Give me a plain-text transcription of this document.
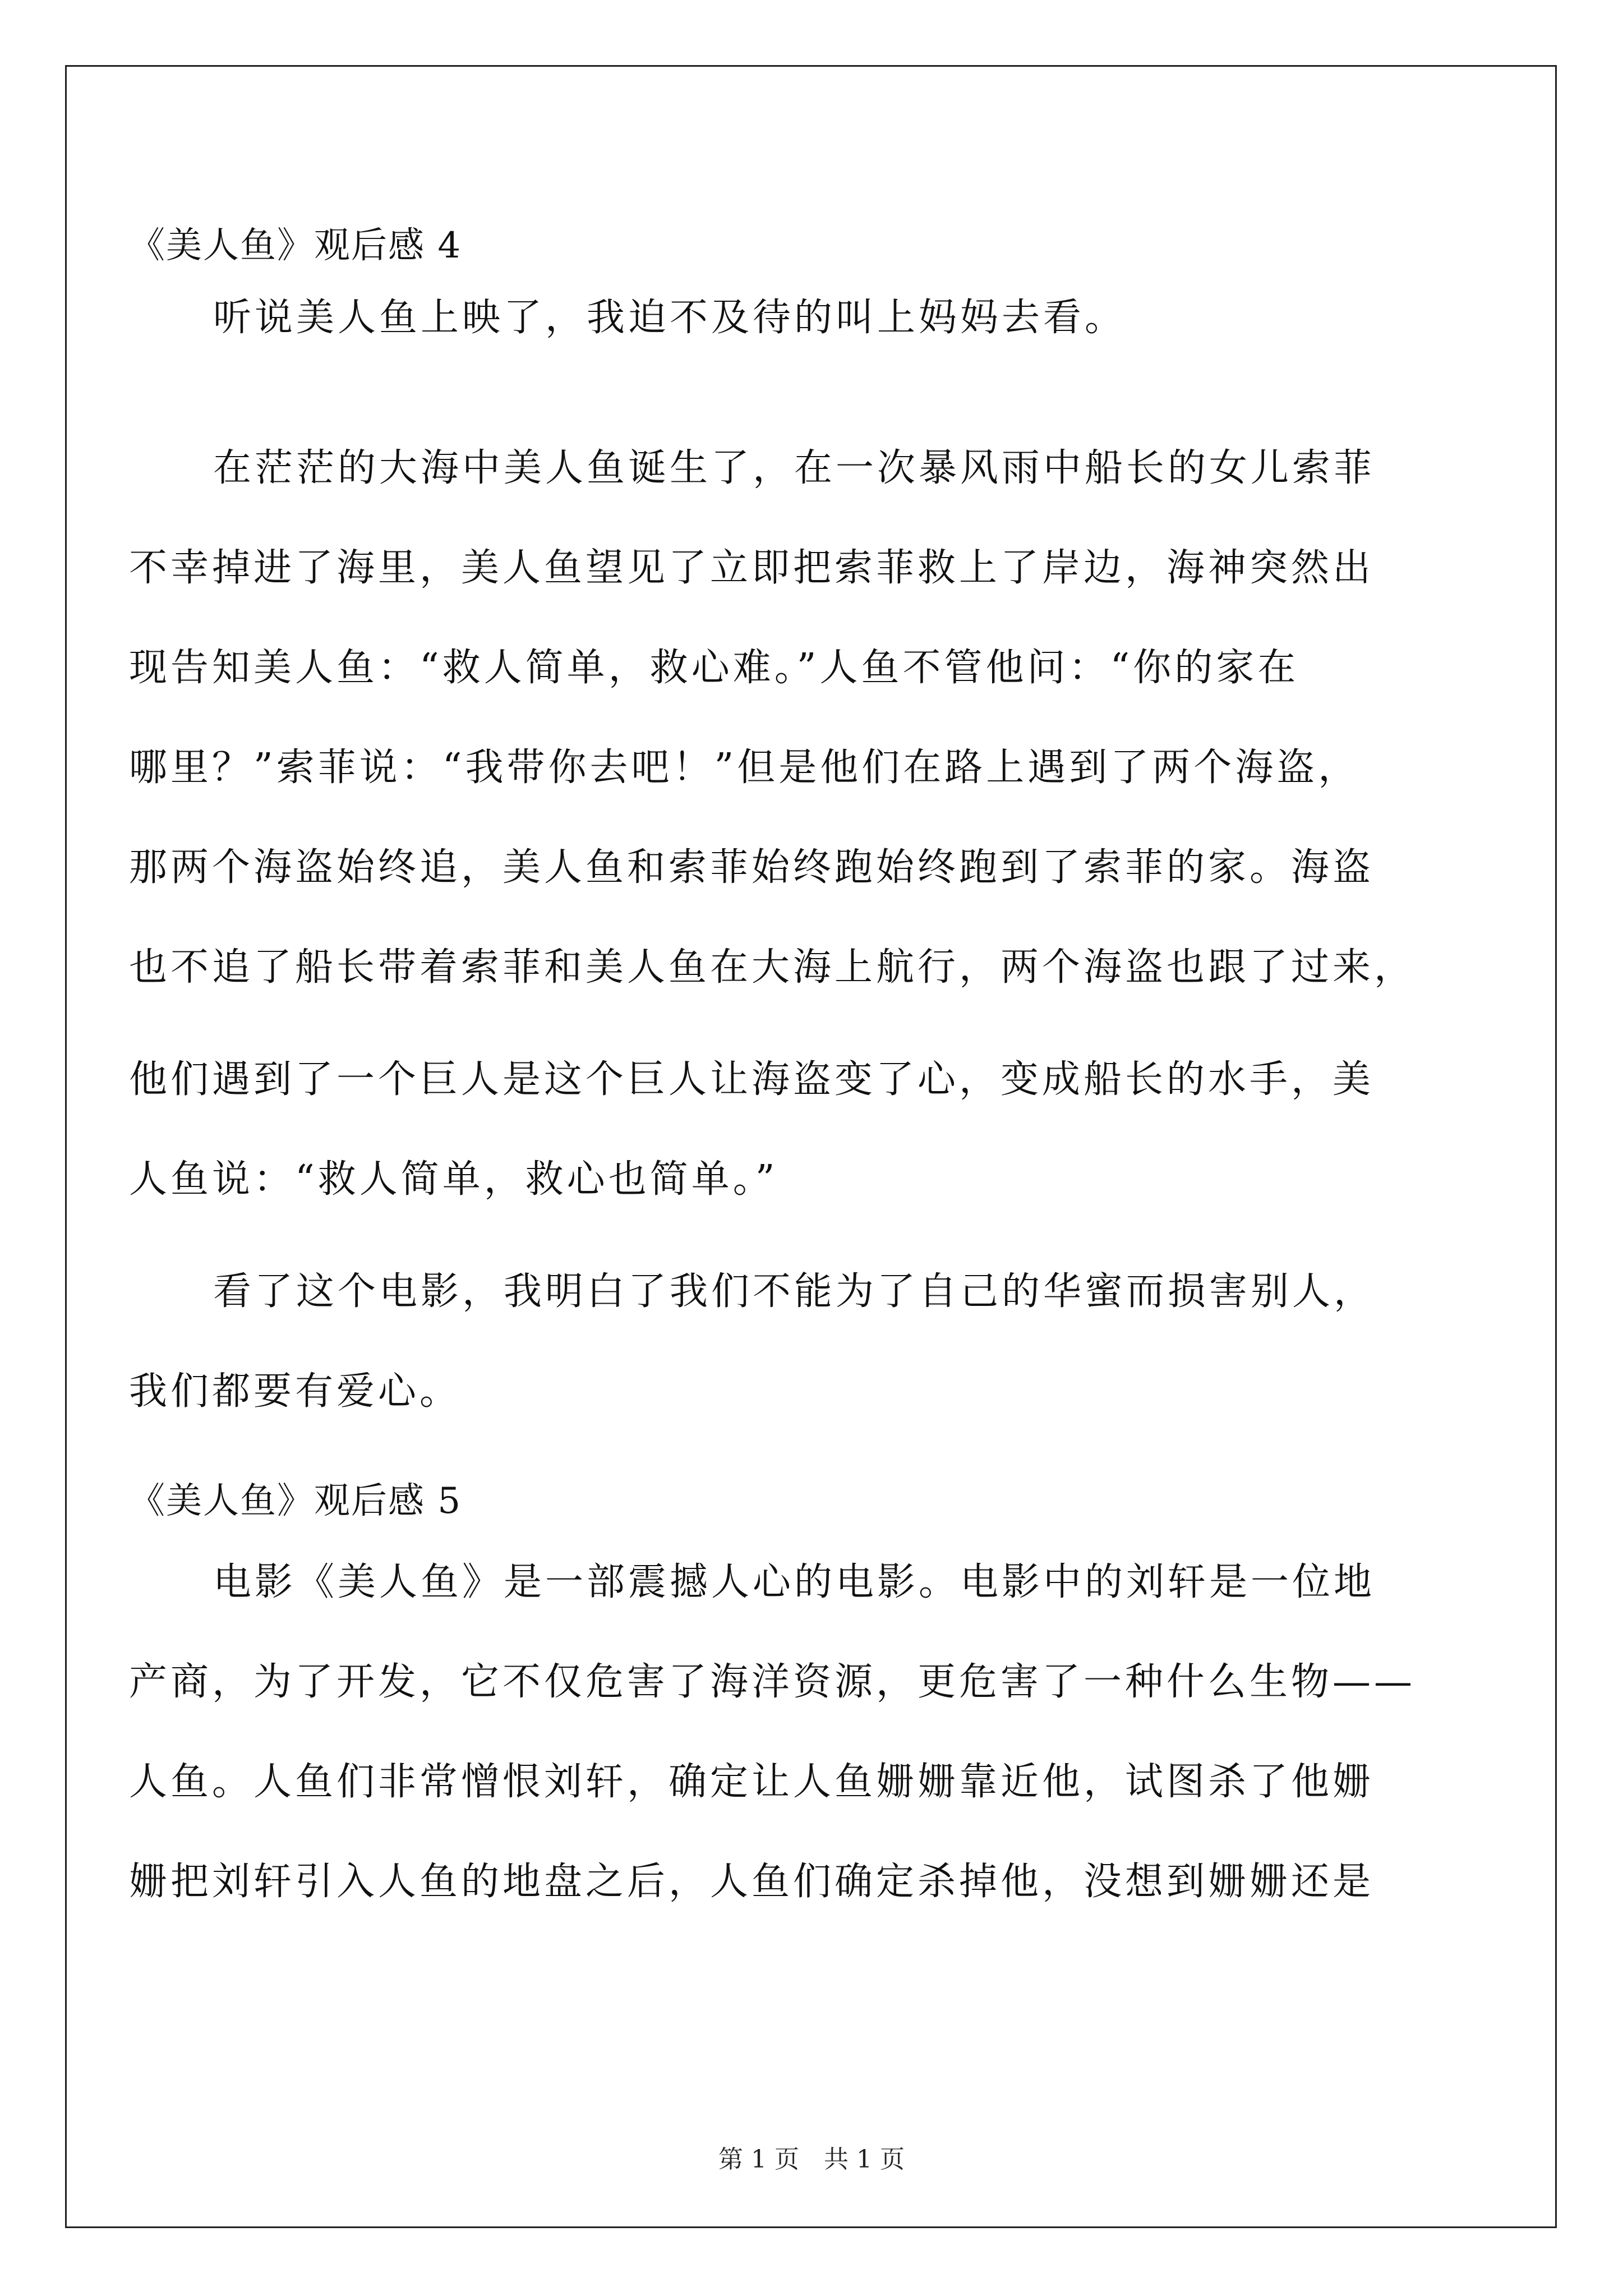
《美人鱼》观后感 4
听说美人鱼上映了，我迫不及待的叫上妈妈去看。
在茫茫的大海中美人鱼诞生了，在一次暴风雨中船长的女儿索菲
不幸掉进了海里，美人鱼望见了立即把索菲救上了岸边，海神突然出
现告知美人鱼：“救人简单，救心难。”人鱼不管他问：“你的家在
哪里？”索菲说：“我带你去吧！”但是他们在路上遇到了两个海盗，
那两个海盗始终追，美人鱼和索菲始终跑始终跑到了索菲的家。海盗
也不追了船长带着索菲和美人鱼在大海上航行，两个海盗也跟了过来，
他们遇到了一个巨人是这个巨人让海盗变了心，变成船长的水手，美
人鱼说：“救人简单，救心也简单。”
看了这个电影，我明白了我们不能为了自己的华蜜而损害别人，
我们都要有爱心。
《美人鱼》观后感 5
电影《美人鱼》是一部震撼人心的电影。电影中的刘轩是一位地
产商，为了开发，它不仅危害了海洋资源，更危害了一种什么生物——
人鱼。人鱼们非常憎恨刘轩，确定让人鱼姗姗靠近他，试图杀了他姗
姗把刘轩引入人鱼的地盘之后，人鱼们确定杀掉他，没想到姗姗还是
第 1 页　共 1 页
